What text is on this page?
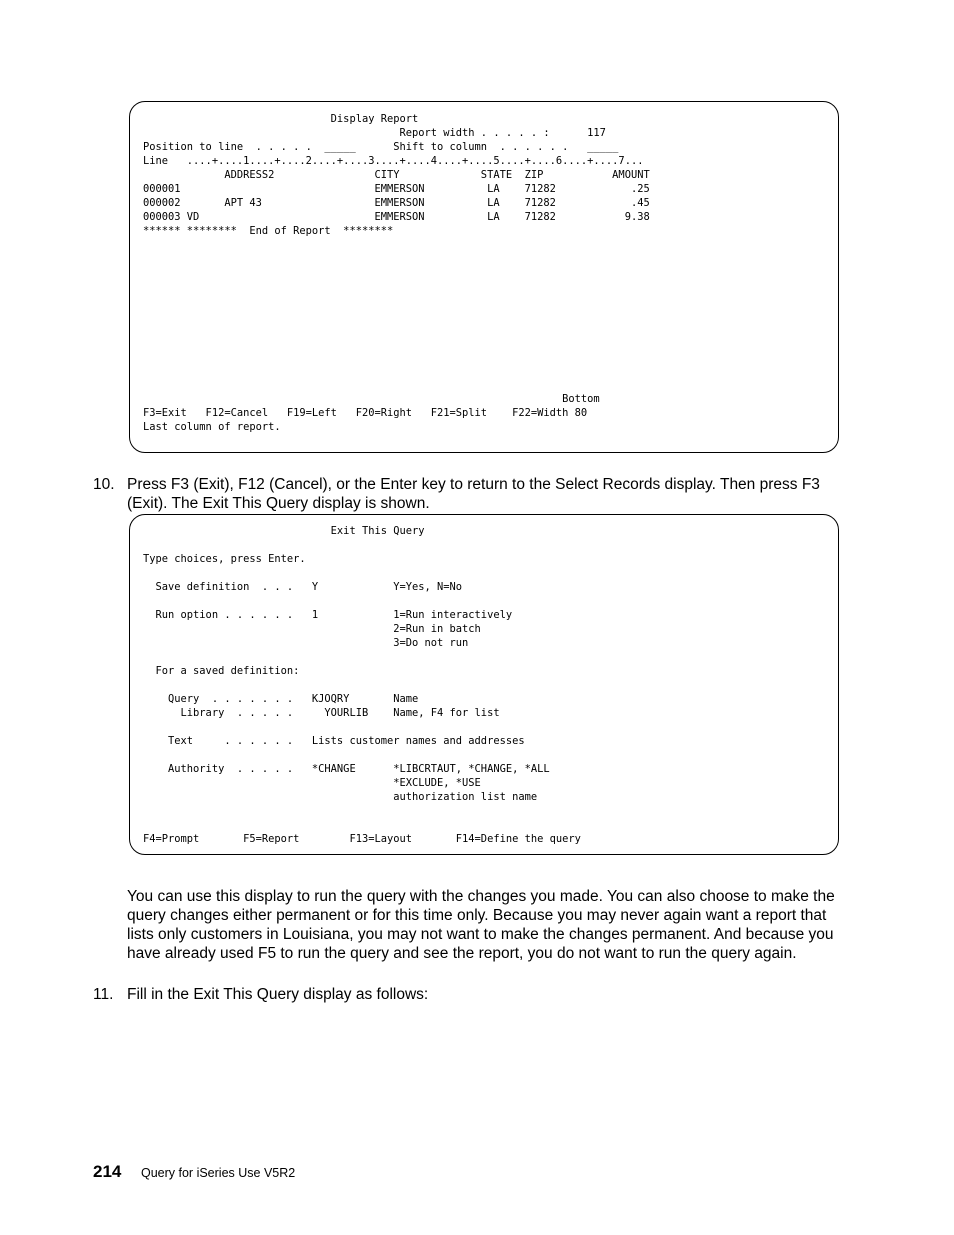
Display Report
Report width . . . . . :      117
Position to line  . . . . .  _____      Shift to column  . . . . . .   _____
Line   ....+....1....+....2....+....3....+....4....+....5....+....6....+....7...
ADDRESS2                CITY             STATE  ZIP           AMOUNT
000001                               EMMERSON          LA    71282            .25
000002       APT 43                  EMMERSON          LA    71282            .45
000003 VD                            EMMERSON          LA    71282           9.38
****** ********  End of Report  ********

Bottom
F3=Exit   F12=Cancel   F19=Left   F20=Right   F21=Split    F22=Width 80
Last column of report.
10. Press F3 (Exit), F12 (Cancel), or the Enter key to return to the Select Records display. Then press F3 (Exit). The Exit This Query display is shown.
Exit This Query

Type choices, press Enter.

Save definition  . . .   Y            Y=Yes, N=No

Run option . . . . . .   1            1=Run interactively
2=Run in batch
3=Do not run

For a saved definition:

Query  . . . . . . .   KJOQRY       Name
Library  . . . . .     YOURLIB    Name, F4 for list

Text     . . . . . .   Lists customer names and addresses

Authority  . . . . .   *CHANGE      *LIBCRTAUT, *CHANGE, *ALL
*EXCLUDE, *USE
authorization list name

F4=Prompt       F5=Report        F13=Layout       F14=Define the query
You can use this display to run the query with the changes you made. You can also choose to make the query changes either permanent or for this time only. Because you may never again want a report that lists only customers in Louisiana, you may not want to make the changes permanent. And because you have already used F5 to run the query and see the report, you do not want to run the query again.
11. Fill in the Exit This Query display as follows:
214 Query for iSeries Use V5R2
